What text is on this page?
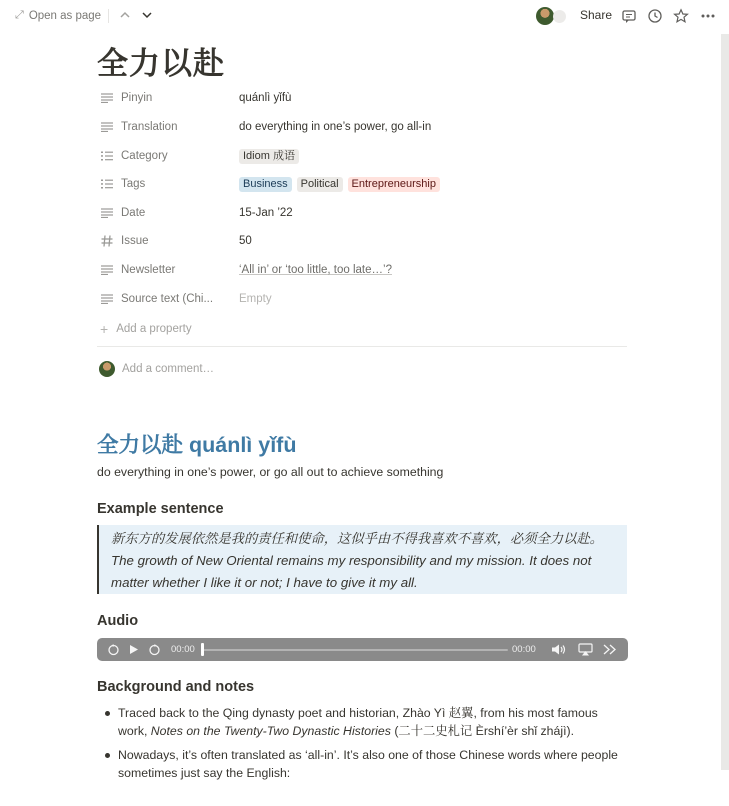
⤢ Open as page	Share
全力以赴
Pinyin	quánlì yǐfù
Translation	do everything in one’s power, go all-in
Category	Idiom 成语
Tags	Business	Political	Entrepreneurship
Date	15-Jan ’22
Issue	50
Newsletter	‘All in’ or ‘too little, too late…’?
Source text (Chi...	Empty
+ Add a property
Add a comment…
全力以赴 quánlì yǐfù
do everything in one’s power, or go all out to achieve something
Example sentence
新东方的发展依然是我的责任和使命，这似乎由不得我喜欢不喜欢，必须全力以赴。The growth of New Oriental remains my responsibility and my mission. It does not matter whether I like it or not; I have to give it my all.
Audio
00:00	00:00
Background and notes
Traced back to the Qing dynasty poet and historian, Zhào Yì 赵翼, from his most famous work, Notes on the Twenty-Two Dynastic Histories (二十二史札记 Èrshí’èr shǐ zhájì).
Nowadays, it’s often translated as ‘all-in’. It’s also one of those Chinese words where people sometimes just say the English:
